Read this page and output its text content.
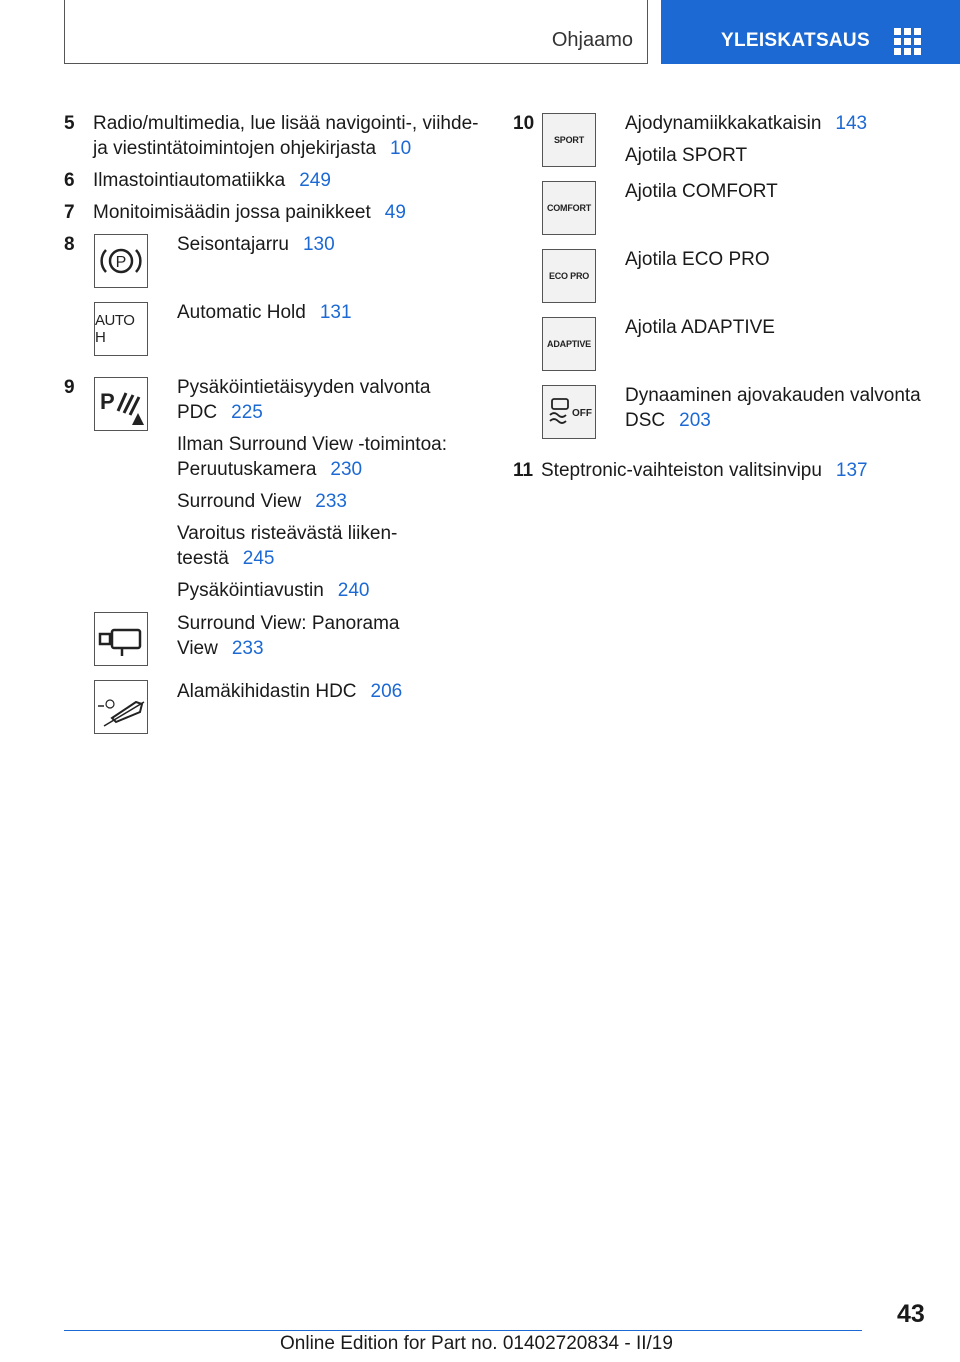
Ohjaamo	YLEISKATSAUS
5 Radio/multimedia, lue lisää navigointi-, viihde-
ja viestintätoimintojen ohjekirjasta 10
6 Ilmastointiautomatiikka 249
7 Monitoimisäädin jossa painikkeet 49
8
P
Seisontajarru 130
AUTO H
Automatic Hold 131
9
P
Pysäköintietäisyyden valvonta
PDC 225
Ilman Surround View -toimintoa:
Peruutuskamera 230
Surround View 233
Varoitus risteävästä liiken-
teestä 245
Pysäköintiavustin 240
Surround View: Panorama
View 233
Alamäkihidastin HDC 206
10
SPORT
Ajodynamiikkakatkaisin 143
Ajotila SPORT
COMFORT
Ajotila COMFORT
ECO PRO
Ajotila ECO PRO
ADAPTIVE
Ajotila ADAPTIVE
OFF
Dynaaminen ajovakauden valvonta
DSC 203
11 Steptronic-vaihteiston valitsinvipu 137
43
Online Edition for Part no. 01402720834 - II/19
